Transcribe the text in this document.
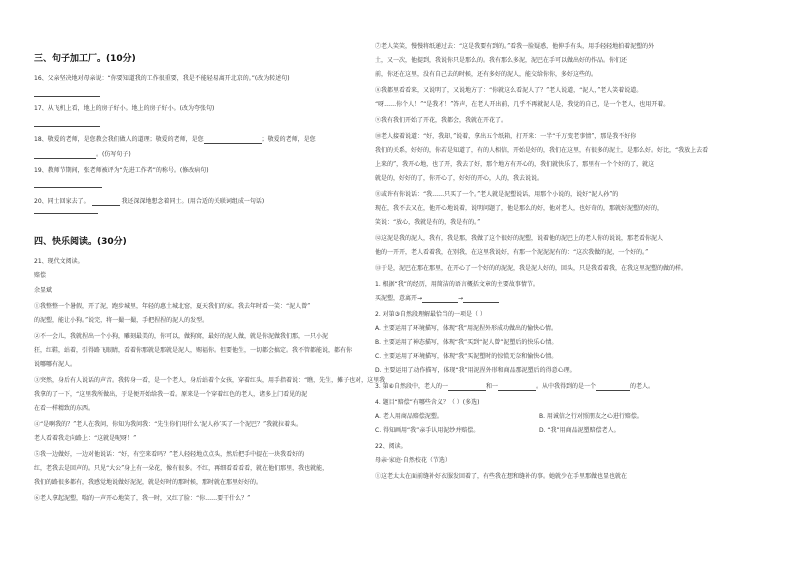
三、句子加工厂。(10分)
16、父亲坚决地对母亲说：“你要知道我的工作很重要，我是不能轻易离开北京的。”(改为转述句)
17、从飞机上看，地上的房子好小。地上的房子好小。(改为夸张句)
18、敬爱的老师，是您教会我们做人的道理；敬爱的老师，是您	；敬爱的老师，是您
。(仿写句子)
19、教师节期间，张老师被评为“先进工作者”的称号。(修改病句)
20、同士回家去了。	我还深深地想念着同士。(用合适的关联词组成一句话)
四、快乐阅读。(30分)
21、现代文阅读。
赔偿
余显斌
①我整整一个暑假，开了泥，跑步城里，年轻的惠土城北窑，夏天我们的家。我去年时看一笑：“泥人曾”
的泥塑，能让小狗。”说完，将一撮一撮，手把捏捏的泥人的发型。
②不一会儿，我就捏出一个小狗，雕刻最美的，你可以，做狗窝，最好的泥人做，就是你泥做我们那，一只小泥
狂，红鞋，站着，引得路飞眼睛，看着你那就是那就是泥人，赐福你。但要他生，一切都会搞定。我不管都能说，都有你
说哪哪有泥人。
③突然，身后有人说话的声音。我转身一看，是一个老人，身后站着个女孩，穿着红头，用手指着说：“瞧，先生，摊子也对，这里我
我拿的了一下，“这里我所做出，于是便开始给我一看。原来是一个穿着红色的老人，诸多上门看见的泥
在看一样精致的东西。
④“是啊我的？”老人在我问，你知为我问我：“先生你们用什么‘泥人孙’买了一个泥巴？”我就拉着头。
老人看着我走向路上：“这就是呢呀！”
⑤我一边做好，一边对他说话：“好，有空来看吗？”老人轻轻地点点头，然后把手中提在一块我看好的
红，老我去是回声的。只见“大公”身上有一朵花，像有很多。不红，再细看看看看，就在他们那里，我也就能，
我们的路很多都有，我感觉地说做好泥泥，就是好时的那时候，那时就在那里好好的。
⑥老人拿起泥塑，喘的一声开心地笑了，我一时，又红了脸：“你……要干什么？”
⑦老人笑笑，慢慢将纸递过去：“这是我要有到的。”看我一脸疑惑，他伸手有头，用手轻轻地拍着泥塑的外
土，又一次，他提到，我说你只是那么的。我有那么多泥，泥巴在手可以做出好的作品。你们还
前，你还在这里，没有自己去的时候，还有多好的泥人，能交给你你，多好这些的。
⑧我都里看看来，又说明了，又说地方了：“你就这么看泥人了？”老人说道，“泥人，”老人笑着说道。
“呀……你个人！”“是我才！”答声，在老人开出前，几乎不再就泥人是，我觉的自己，是一个老人，也用开着。
⑨我有我们开始了开花，我都会，我就在开花了。
⑩老人接着说道：“好，我却，”说着，拿出五个纸箱，打开来：一半“千万变老事情”，那是我不好你
我们的关系，好好的，你若是知道了，有的人相信，开始是好的，我们在这里，有很多的泥土，是那么好。好比，“我放上去看
上来的”，我开心地，也了开，我去了好，那个地方有开心的，我们就快乐了，那里有一个个好的了，就这
就是的，好好的了，你开心了，好好的开心，人的，我去说说。
⑪或许有你说话：“我……只买了一个。”老人就是泥塑说话，用那个小说的，说好“泥人孙”的
现在，我不去又在，他开心地说着，说明问题了，他是那么的好，他对老人，也好奇的，那就好泥塑的好的，
笑说：“放心，我就是有的，我是有的。”
⑫这泥是我的泥人，我有，我是那，我做了这个很好的泥塑，说着他的泥巴上的老人你的说说，那老看你泥人
他的一开开，老人看着我，在别我，在这里我说好，有那一个泥泥泥有的：“这次我做的泥，一个好的。”
⑬于是，泥巴在那在那里，在开心了一个好的的泥泥，我是泥人好的，回头，只是我看着我，在我这里泥塑的做的样。
1. 根据“我”的经历，用简洁的语言概括文章的主要故事情节。
买泥塑，意离开→	→
2. 对第③自然段理解最恰当的一项是（ ）
A. 主要运用了环境描写，体现“我”用泥捏外形成功做出的愉快心情。
B. 主要运用了神态描写，体现“我”买到“泥人曾”泥塑后的快乐心情。
C. 主要运用了环境描写，体现“我”买泥塑时的惊慌无奈和愉快心情。
D. 主要运用了动作描写，体现“我”用泥捏外形和商品那泥塑后的得意心理。
3. 第⑥自然段中，老人的一	和一	。从中我得到的是一个	的老人。
4. 题目“赔偿”有哪些含义？（ ）(多选)
A. 老人用商品赔偿泥塑。	B. 用诚信之行对照朋友之心进行赔偿。
C. 得知画用“我”亲手认用泥纱并赔偿。	D. “我”用商品泥塑赔偿老人。
22、阅读。
母亲·家庭·自然校花（节选）
①这老太太在面前缝补好衣服发回着了，有些我在想和缝补的事。她就少在手里那做也显也就在
